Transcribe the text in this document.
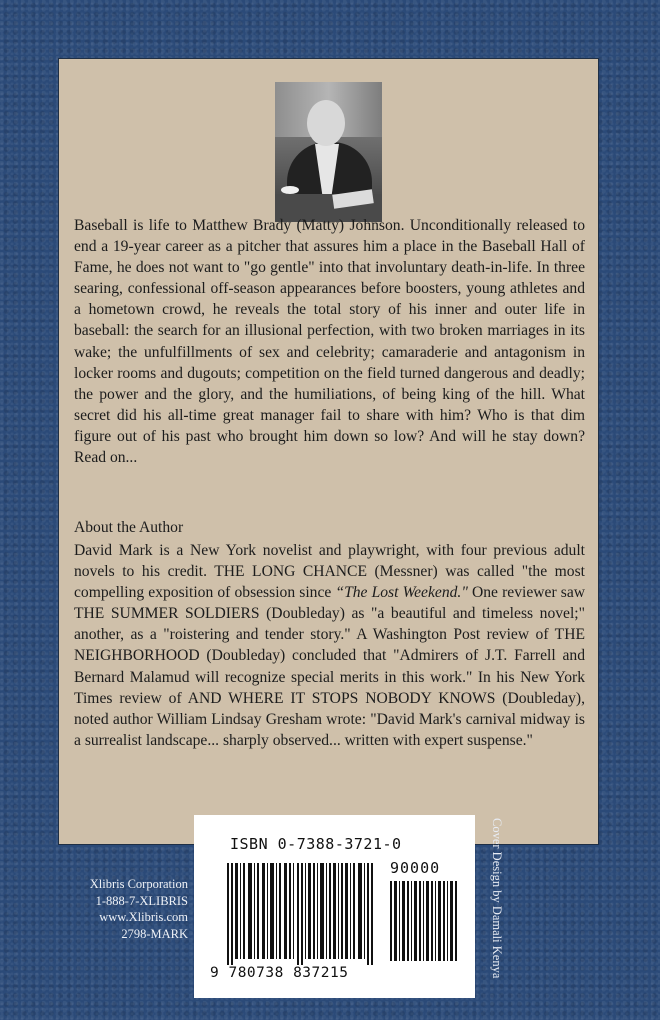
Baseball is life to Matthew Brady (Matty) Johnson. Unconditionally released to end a 19-year career as a pitcher that assures him a place in the Baseball Hall of Fame, he does not want to "go gentle" into that involuntary death-in-life. In three searing, confessional off-season appearances before boosters, young athletes and a hometown crowd, he reveals the total story of his inner and outer life in baseball: the search for an illusional perfection, with two broken marriages in its wake; the unfulfillments of sex and celebrity; camaraderie and antagonism in locker rooms and dugouts; competition on the field turned dangerous and deadly; the power and the glory, and the humiliations, of being king of the hill. What secret did his all-time great manager fail to share with him? Who is that dim figure out of his past who brought him down so low? And will he stay down? Read on...
About the Author
David Mark is a New York novelist and playwright, with four previous adult novels to his credit. THE LONG CHANCE (Messner) was called "the most compelling exposition of obsession since “The Lost Weekend." One reviewer saw THE SUMMER SOLDIERS (Doubleday) as "a beautiful and timeless novel;" another, as a "roistering and tender story." A Washington Post review of THE NEIGHBORHOOD (Doubleday) concluded that "Admirers of J.T. Farrell and Bernard Malamud will recognize special merits in this work." In his New York Times review of AND WHERE IT STOPS NOBODY KNOWS (Doubleday), noted author William Lindsay Gresham wrote: "David Mark's carnival midway is a surrealist landscape... sharply observed... written with expert suspense."
Xlibris Corporation
1-888-7-XLIBRIS
www.Xlibris.com
2798-MARK
ISBN 0-7388-3721-0
90000
9 780738 837215	Cover Design by Damali Kenya
